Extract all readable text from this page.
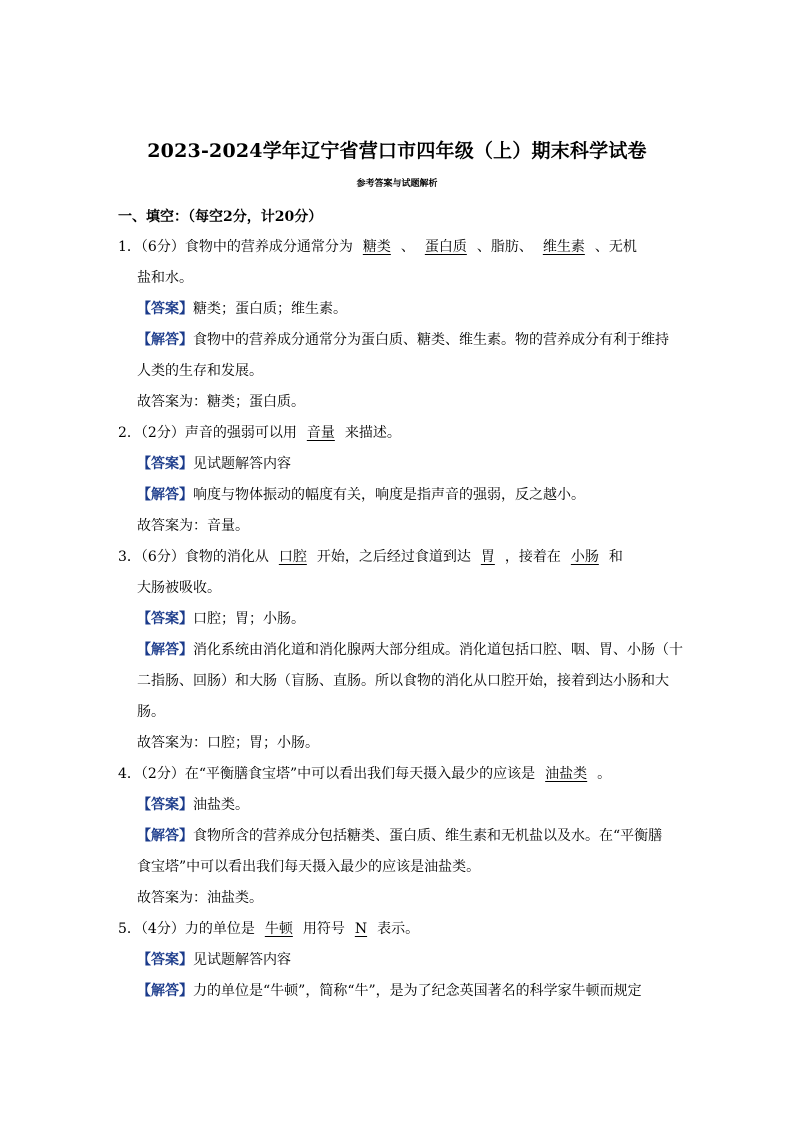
2023-2024学年辽宁省营口市四年级（上）期末科学试卷
参考答案与试题解析
一、填空：（每空2分，计20分）
1．（6分）食物中的营养成分通常分为 糖类 、 蛋白质 、脂肪、 维生素 、无机
盐和水。
【答案】糖类；蛋白质；维生素。
【解答】食物中的营养成分通常分为蛋白质、糖类、维生素。物的营养成分有利于维持
人类的生存和发展。
故答案为：糖类；蛋白质。
2．（2分）声音的强弱可以用 音量 来描述。
【答案】见试题解答内容
【解答】响度与物体振动的幅度有关，响度是指声音的强弱，反之越小。
故答案为：音量。
3．（6分）食物的消化从 口腔 开始，之后经过食道到达 胃 ，接着在 小肠 和
大肠被吸收。
【答案】口腔；胃；小肠。
【解答】消化系统由消化道和消化腺两大部分组成。消化道包括口腔、咽、胃、小肠（十
二指肠、回肠）和大肠（盲肠、直肠。所以食物的消化从口腔开始，接着到达小肠和大
肠。
故答案为：口腔；胃；小肠。
4．（2分）在“平衡膳食宝塔”中可以看出我们每天摄入最少的应该是 油盐类 。
【答案】油盐类。
【解答】食物所含的营养成分包括糖类、蛋白质、维生素和无机盐以及水。在“平衡膳
食宝塔”中可以看出我们每天摄入最少的应该是油盐类。
故答案为：油盐类。
5．（4分）力的单位是 牛顿 用符号 N 表示。
【答案】见试题解答内容
【解答】力的单位是“牛顿”，简称“牛”，是为了纪念英国著名的科学家牛顿而规定
